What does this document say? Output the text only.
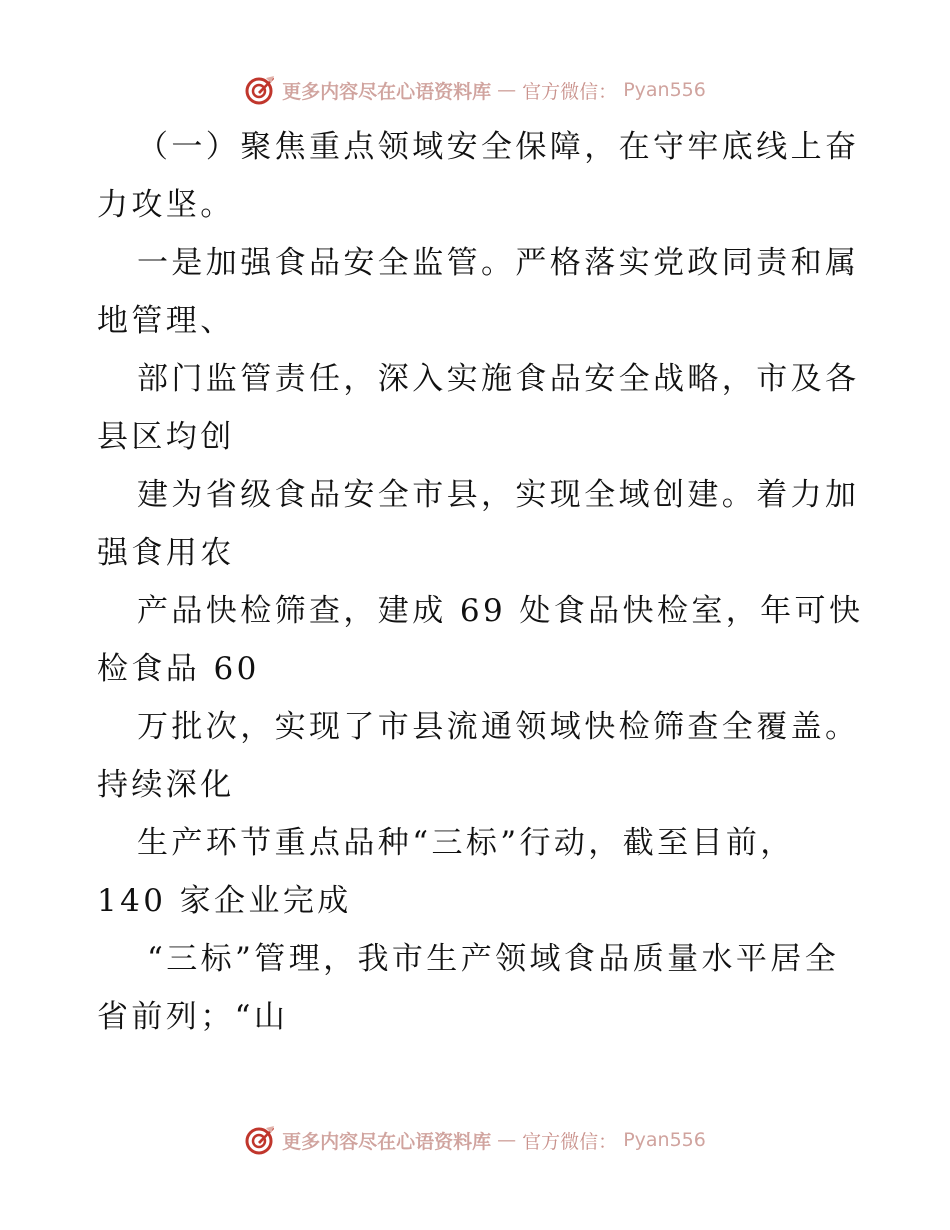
更多内容尽在心语资料库 — 官方微信： Pyan556
（一）聚焦重点领域安全保障，在守牢底线上奋
力攻坚。
一是加强食品安全监管。严格落实党政同责和属
地管理、
部门监管责任，深入实施食品安全战略，市及各
县区均创
建为省级食品安全市县，实现全域创建。着力加
强食用农
产品快检筛查，建成 69 处食品快检室，年可快
检食品 60
万批次，实现了市县流通领域快检筛查全覆盖。
持续深化
生产环节重点品种“三标”行动，截至目前，
140 家企业完成
“三标”管理，我市生产领域食品质量水平居全
省前列；“山
更多内容尽在心语资料库 — 官方微信： Pyan556
